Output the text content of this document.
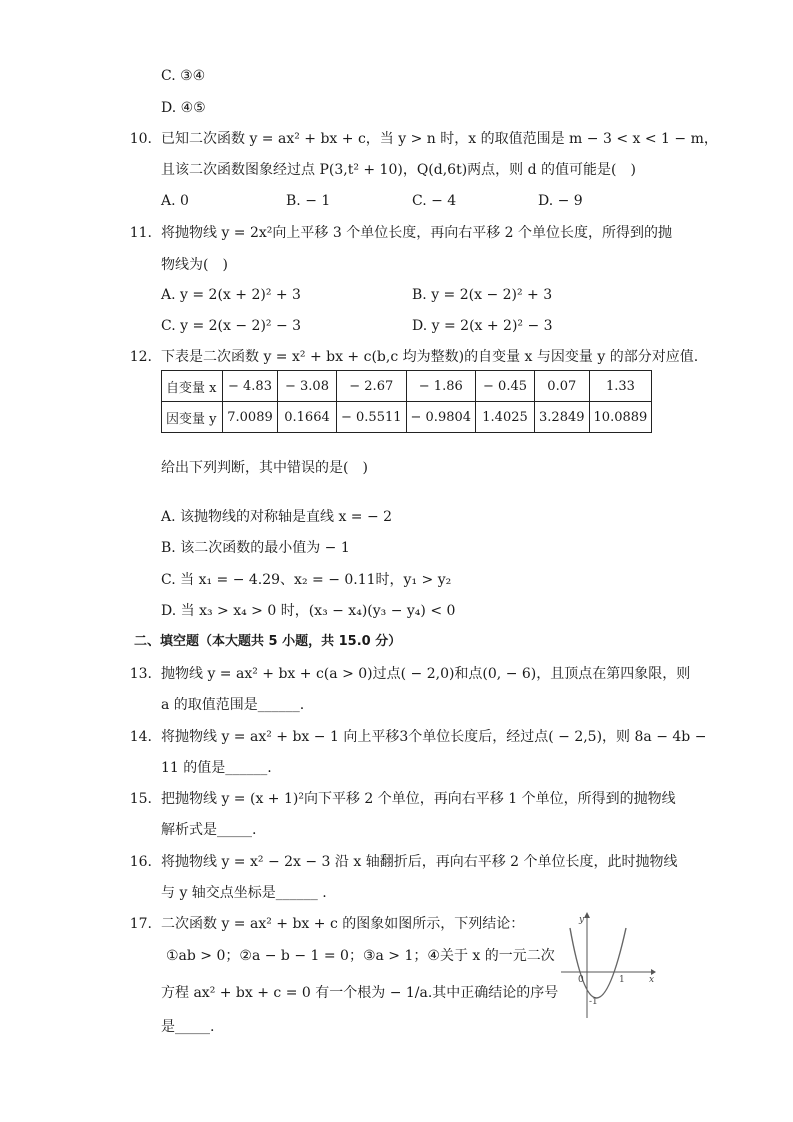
C. ③④
D. ④⑤
10. 已知二次函数 y = ax² + bx + c，当 y > n 时，x 的取值范围是 m − 3 < x < 1 − m，
且该二次函数图象经过点 P(3,t² + 10)，Q(d,6t)两点，则 d 的值可能是(　)
A. 0	B. − 1	C. − 4	D. − 9
11. 将抛物线 y = 2x²向上平移 3 个单位长度，再向右平移 2 个单位长度，所得到的抛
物线为(　)
A. y = 2(x + 2)² + 3	B. y = 2(x − 2)² + 3
C. y = 2(x − 2)² − 3	D. y = 2(x + 2)² − 3
12. 下表是二次函数 y = x² + bx + c(b,c 均为整数)的自变量 x 与因变量 y 的部分对应值.
自变量 x	− 4.83	− 3.08	− 2.67	− 1.86	− 0.45	0.07	1.33
因变量 y	7.0089	0.1664	− 0.5511	− 0.9804	1.4025	3.2849	10.0889
给出下列判断，其中错误的是(　)
A. 该抛物线的对称轴是直线 x = − 2
B. 该二次函数的最小值为 − 1
C. 当 x₁ = − 4.29、x₂ = − 0.11时，y₁ > y₂
D. 当 x₃ > x₄ > 0 时，(x₃ − x₄)(y₃ − y₄) < 0
二、填空题（本大题共 5 小题，共 15.0 分）
13. 抛物线 y = ax² + bx + c(a > 0)过点( − 2,0)和点(0, − 6)，且顶点在第四象限，则
a 的取值范围是______.
14. 将抛物线 y = ax² + bx − 1 向上平移3个单位长度后，经过点( − 2,5)，则 8a − 4b −
11 的值是______.
15. 把抛物线 y = (x + 1)²向下平移 2 个单位，再向右平移 1 个单位，所得到的抛物线
解析式是_____.
16. 将抛物线 y = x² − 2x − 3 沿 x 轴翻折后，再向右平移 2 个单位长度，此时抛物线
与 y 轴交点坐标是______ .
17. 二次函数 y = ax² + bx + c 的图象如图所示，下列结论：
①ab > 0；②a − b − 1 = 0；③a > 1；④关于 x 的一元二次
方程 ax² + bx + c = 0 有一个根为 − 1/a.其中正确结论的序号
是_____.
y
x
0	1
-1
